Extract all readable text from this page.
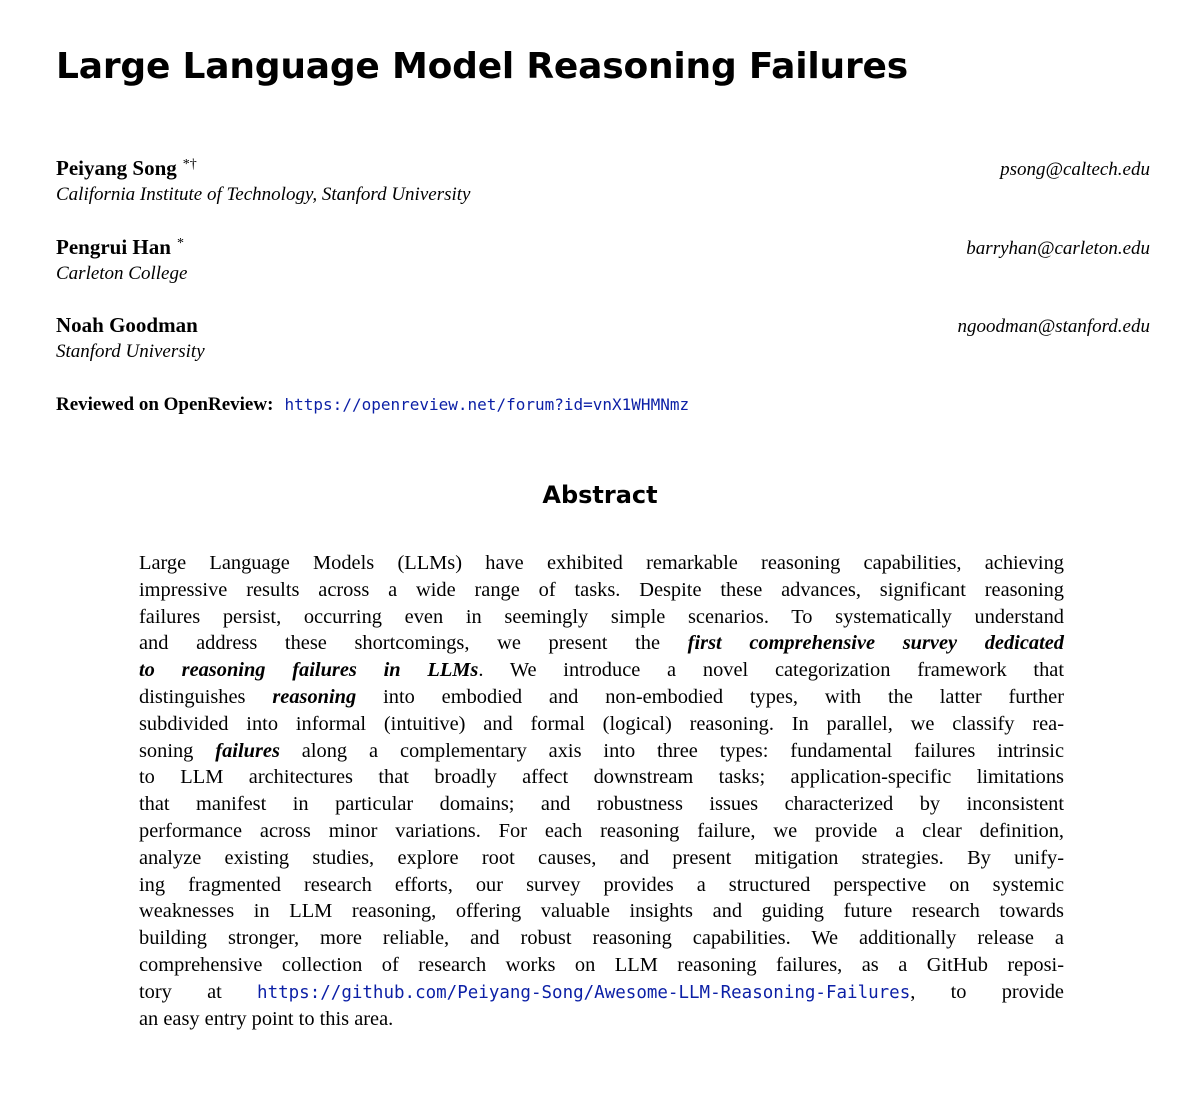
Large Language Model Reasoning Failures
Peiyang Song *†	psong@caltech.edu
California Institute of Technology, Stanford University
Pengrui Han *	barryhan@carleton.edu
Carleton College
Noah Goodman	ngoodman@stanford.edu
Stanford University
Reviewed on OpenReview: https://openreview.net/forum?id=vnX1WHMNmz
Abstract
Large Language Models (LLMs) have exhibited remarkable reasoning capabilities, achieving
impressive results across a wide range of tasks. Despite these advances, significant reasoning
failures persist, occurring even in seemingly simple scenarios. To systematically understand
and address these shortcomings, we present the first comprehensive survey dedicated
to reasoning failures in LLMs. We introduce a novel categorization framework that
distinguishes reasoning into embodied and non-embodied types, with the latter further
subdivided into informal (intuitive) and formal (logical) reasoning. In parallel, we classify rea-
soning failures along a complementary axis into three types: fundamental failures intrinsic
to LLM architectures that broadly affect downstream tasks; application-specific limitations
that manifest in particular domains; and robustness issues characterized by inconsistent
performance across minor variations. For each reasoning failure, we provide a clear definition,
analyze existing studies, explore root causes, and present mitigation strategies. By unify-
ing fragmented research efforts, our survey provides a structured perspective on systemic
weaknesses in LLM reasoning, offering valuable insights and guiding future research towards
building stronger, more reliable, and robust reasoning capabilities. We additionally release a
comprehensive collection of research works on LLM reasoning failures, as a GitHub reposi-
tory at https://github.com/Peiyang-Song/Awesome-LLM-Reasoning-Failures, to provide
an easy entry point to this area.
